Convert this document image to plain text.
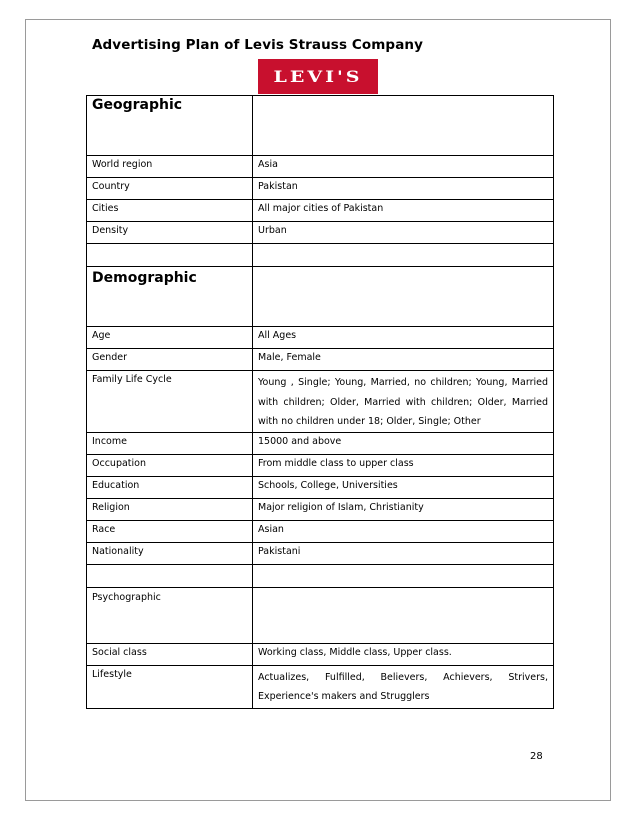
Advertising Plan of Levis Strauss Company
LEVI'S
Geographic	

World region	Asia
Country	Pakistan
Cities	All major cities of Pakistan
Density	Urban

Demographic	

Age	All Ages
Gender	Male, Female
Family Life Cycle	Young , Single; Young, Married, no children; Young, Married with children; Older, Married with children; Older, Married with no children under 18; Older, Single; Other
Income	15000 and above
Occupation	From middle class to upper class
Education	Schools, College, Universities
Religion	Major religion of Islam, Christianity
Race	Asian
Nationality	Pakistani

Psychographic	
Social class	Working class, Middle class, Upper class.
Lifestyle	Actualizes, Fulfilled, Believers, Achievers, Strivers, Experience's makers and Strugglers
28
